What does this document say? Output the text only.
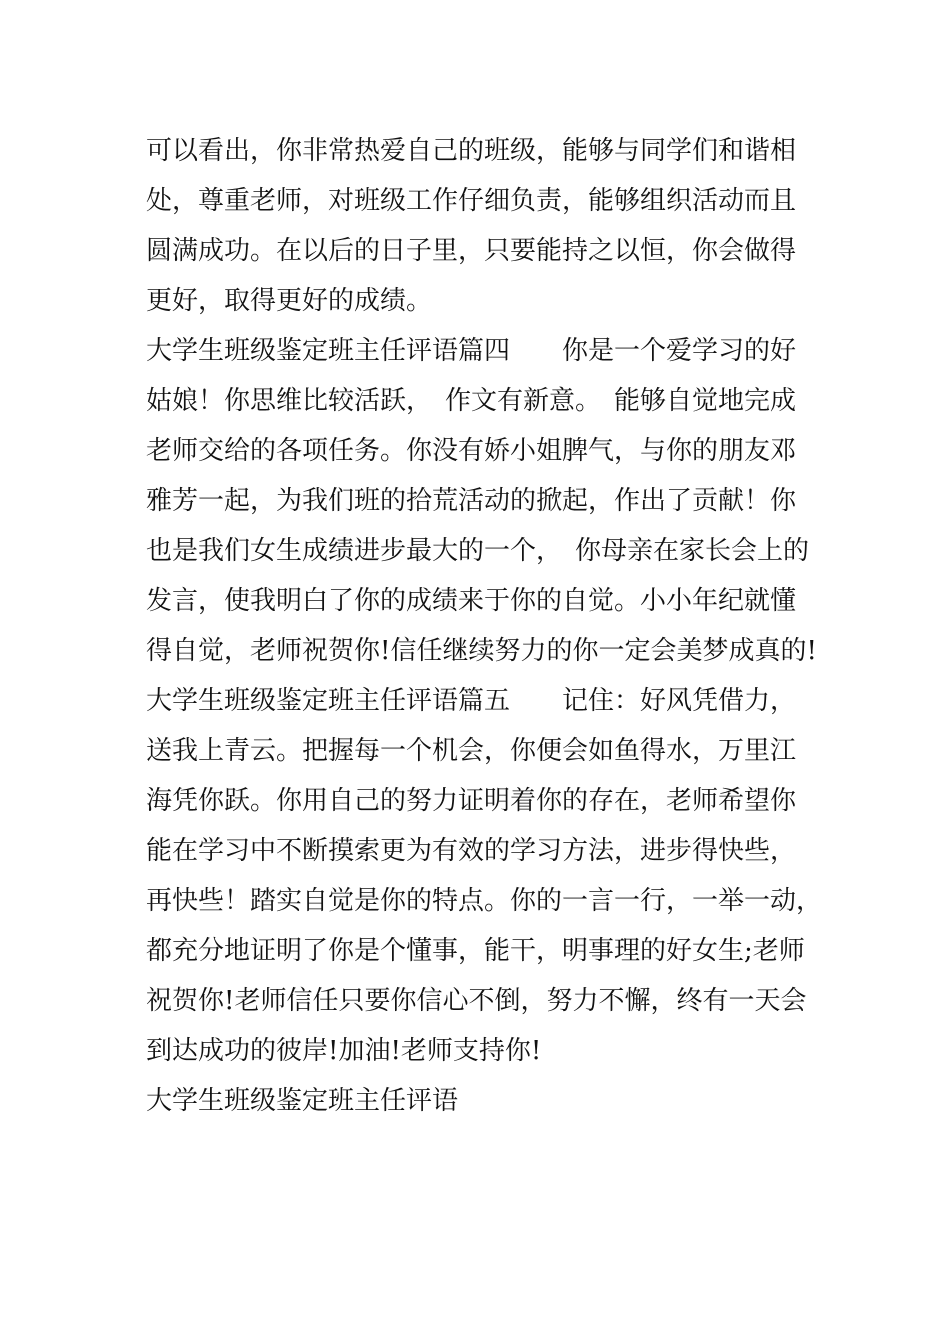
可以看出，你非常热爱自己的班级，能够与同学们和谐相
处，尊重老师，对班级工作仔细负责，能够组织活动而且
圆满成功。在以后的日子里，只要能持之以恒，你会做得
更好，取得更好的成绩。
大学生班级鉴定班主任评语篇四　　你是一个爱学习的好
姑娘！你思维比较活跃，　作文有新意。　能够自觉地完成
老师交给的各项任务。你没有娇小姐脾气，与你的朋友邓
雅芳一起，为我们班的拾荒活动的掀起，作出了贡献！你
也是我们女生成绩进步最大的一个，　你母亲在家长会上的
发言，使我明白了你的成绩来于你的自觉。小小年纪就懂
得自觉，老师祝贺你!信任继续努力的你一定会美梦成真的!
大学生班级鉴定班主任评语篇五　　记住：好风凭借力，
送我上青云。把握每一个机会，你便会如鱼得水，万里江
海凭你跃。你用自己的努力证明着你的存在，老师希望你
能在学习中不断摸索更为有效的学习方法，进步得快些，
再快些！踏实自觉是你的特点。你的一言一行，一举一动，
都充分地证明了你是个懂事，能干，明事理的好女生;老师
祝贺你!老师信任只要你信心不倒，努力不懈，终有一天会
到达成功的彼岸!加油!老师支持你!
大学生班级鉴定班主任评语
